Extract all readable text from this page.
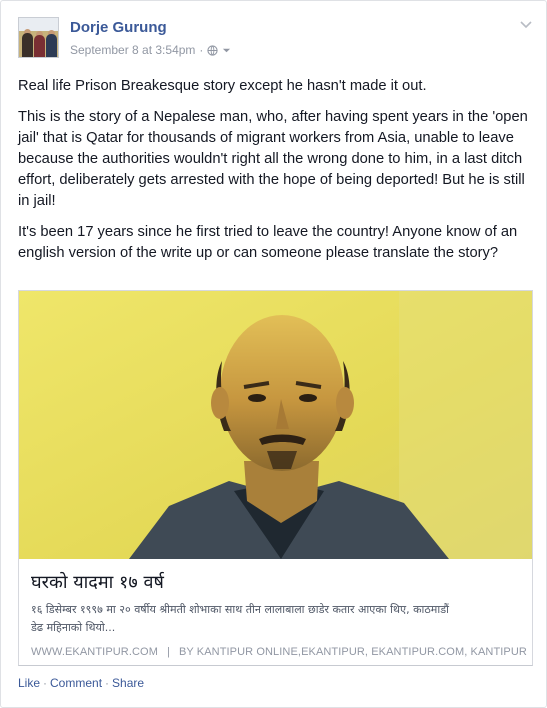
Dorje Gurung
September 8 at 3:54pm ·

Real life Prison Breakesque story except he hasn't made it out.

This is the story of a Nepalese man, who, after having spent years in the 'open jail' that is Qatar for thousands of migrant workers from Asia, unable to leave because the authorities wouldn't right all the wrong done to him, in a last ditch effort, deliberately gets arrested with the hope of being deported! But he is still in jail!

It's been 17 years since he first tried to leave the country! Anyone know of an english version of the write up or can someone please translate the story?

घरको यादमा १७ वर्ष
१६ डिसेम्बर १९९७ मा २० वर्षीय श्रीमती शोभाका साथ तीन लालाबाला छाडेर कतार आएका थिए, काठमाडौं
डेढ महिनाको थियो...
WWW.EKANTIPUR.COM | BY KANTIPUR ONLINE,EKANTIPUR, EKANTIPUR.COM, KANTIPUR
Like · Comment · Share
